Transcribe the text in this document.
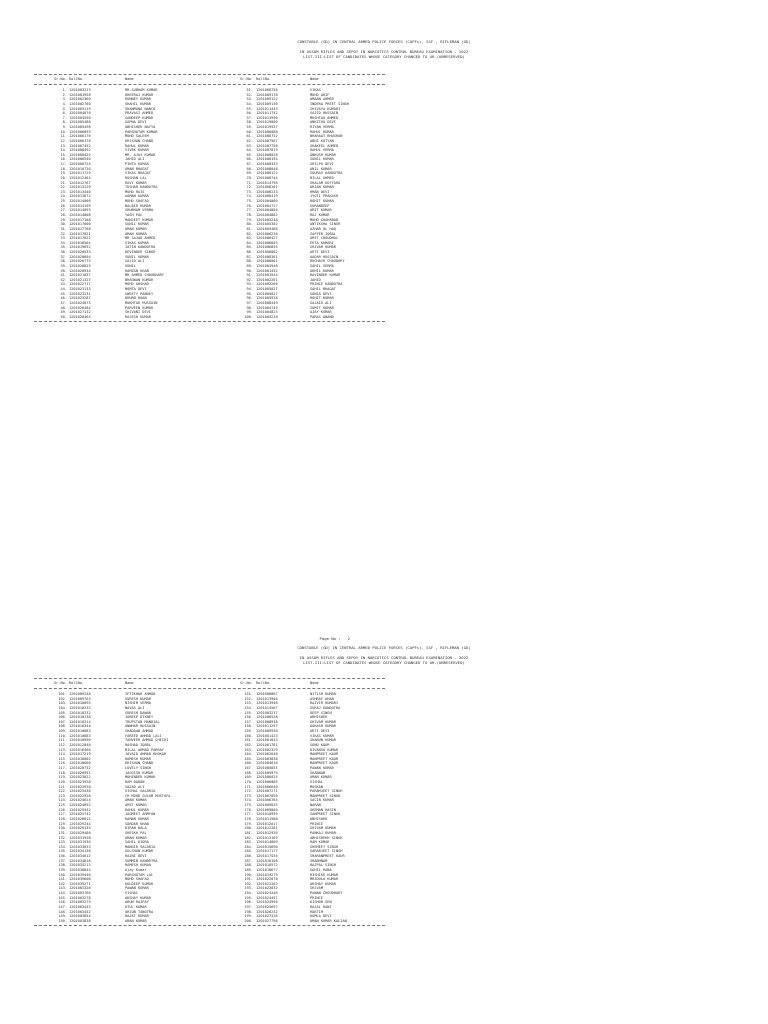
CONSTABLE (GD) IN CENTRAL ARMED POLICE FORCES (CAPFs), SSF , RIFLEMAN (GD)
IN ASSAM RIFLES AND SEPOY IN NARCOTICS CONTROL BUREAU EXAMINATION - 2022
LIST-III:LIST OF CANDIDATES WHOSE CATEGORY CHANGED TO UR-(UNRESERVED)
Sr.No. RollNo.	Name	Sr.No. RollNo.	Name
1. 1201003213	MR.SUBHAM KUMAR	51. 1201006756	VIKAS
2. 1201001958	DHEERAJ KUMAR	52. 1201009178	MOHD ARIF
3. 1201002360	RONNEY KUMAR	53. 1201009122	AMAAN AHMED
4. 1201002760	SHAHIL KUMAR	54. 1201009130	INDERA PREET SINGH
5. 1201003119	SHANMANA NANCO	55. 1201011443	SHIVAYA KUMARI
6. 1201004070	PRAVASI AHMED	56. 1201011752	SAJID HUSSAIN
7. 1201004550	SANDEEP KUMAR	57. 1201013990	MUSHTAQ AHMED
8. 1201005488	SAPNA DEVI	58. 1201019000	ANKITHA DEVI
9. 1201005498	ABHISHEK NAYYA	59. 1201019537	RIYAN VERMA
10. 1201006093	PARSHOTAM KUMAR	60. 1201006088	RAHUL KUMAR
11. 1201006176	MOHD SALEEM	61. 1201006752	BHARAAT BHUSHAN
12. 1201006178	KRISHAN CHAND	62. 1201007567	ABHI KOTYAN
13. 1201007452	RAHUL KUMAR	63. 1201007798	SHAKEEL AHMED
14. 1201008492	VIVEK KUMAR	64. 1201007819	RAHUL VERMA
15. 1201008425	MR. AJAY KUMAR	65. 1201008028	ANKUSH KUMAR
16. 1201008540	JAHID ALI	66. 1201008194	SUNIL KUMAR
17. 1201008724	PINTU KUMAR	67. 1201008333	SHILPA DEVI
18. 1201010730	AMAN BHAGAT	68. 1201008048	ANIL KUMAR
19. 1201011729	VIKAS BHAGAT	69. 1201008122	SOURAV KANDOTRA
20. 1201012464	ROSHAN LAL	70. 1201008744	BILAL AHMED
21. 1201012767	RAVI KUMAR	71. 1201014798	SHALAM KOTYARA
22. 1201013129	TUSHAR KANDOTRA	72. 1201008161	ARJAN KUMAR
23. 1201013440	MOHD RAIS	73. 1201006233	HMAN DEVI
24. 1201013872	AAMAN KUMAR	74. 1201008419	JYOTI PRAKASH
25. 1201014066	MOHD SHAFAQ	75. 1201004060	ROHIT KUMAR
26. 1201014199	BALBIR KUMAR	76. 1201004727	SURANDEEP
27. 1201014093	SHUBHAM VERMA	77. 1201004804	AMIT KUMAR
28. 1201014808	YASH PAL	78. 1201004882	RAJ KUMAR
29. 1201017188	MANJEET KUMAR	79. 1201005248	MOHD SHAHABAB
30. 1201017600	SUNIL KUMAR	80. 1201005302	ANTIKSHA SINGH
31. 1201017768	AMAN KUMAR	81. 1201005486	AZHAR UL HAQ
32. 1201017821	AMAN KUMAR	82. 1201006236	ZAFFER IQBAL
33. 1201017822	MR SAJAD AHMED	83. 1201006427	AMIT CHOUDHAL
34. 1201018564	VIKAS KUMAR	84. 1201006603	EKTA KUMARI
35. 1201019652	JATIN KANDOTRA	85. 1201006855	SHIVAM KUMAR
36. 1201020533	DEVINDER SINGH	86. 1201006882	ARTI DEVI
37. 1201020604	SUNIL KUMAR	87. 1201008381	AADAR HUSSAIN
38. 1201020775	SAJID ALI	88. 1201008001	RUCHAIR CHAUDHRY
39. 1201020825	SUNIL	89. 1201004948	SAHIL VERMA
40. 1201020934	RAMZAN KHAN	90. 1201001452	AKHIL KUMAR
41. 1201021037	MR AHMED CHOUDHARY	91. 1201001944	RAVINDER KUMAR
42. 1201021323	BHAGWAN KUMAR	92. 1201002261	JAHID
43. 1201022717	MOHD ARSHAD	93. 1201002266	PRINCE KANDOTRA
44. 1201023133	MAMTA DEVI	94. 1201005027	SAHIL BHAGAT
45. 1201023231	SWEETY PANDEY	95. 1201005827	SONIA DEVI
46. 1201023287	KHURB KHAN	96. 1201005928	ROHIT KUMAR
47. 1201024073	MUKHTAR HUSSAIN	97. 1201008449	SAJAID ALI
48. 1201026484	PARVEEN KUMAR	98. 1201004745	SUMIT KUMAR
49. 1201027132	SHIVANI DEVI	99. 1201004823	AJAY KUMAR
50. 1201028464	RAJESH KUMAR	100. 1201005228	PARAS ANAND
Page No :   2
CONSTABLE (GD) IN CENTRAL ARMED POLICE FORCES (CAPFs), SSF , RIFLEMAN (GD)
IN ASSAM RIFLES AND SEPOY IN NARCOTICS CONTROL BUREAU EXAMINATION - 2022
LIST-III:LIST OF CANDIDATES WHOSE CATEGORY CHANGED TO UR-(UNRESERVED)
Sr.No. RollNo.	Name	Sr.No. RollNo.	Name
101. 1201009248	IFTIKHAR AHMAD	151. 1201008887	NITISH KUMAR
102. 1201009763	SURESH KUMAR	152. 1201013904	ASHRAF KHAN
103. 1201010095	NISHIM VERMA	153. 1201013948	RAJVIR KUMARI
104. 1201010233	NAVAS ALI	154. 1201014567	SURAJ KANDOTRA
105. 1201010232	SURESH DAWAR	155. 1201003237	DEEP SINGH
106. 1201010138	JOBEEP DIXNEY	156. 1201008528	ABHISHEK
107. 1201010314	TRUPSTAN MANDIAL	157. 1201008938	SHIVAM KUMAR
108. 1201010344	ANWHAR HUSSAIN	158. 1201011297	AAKASH KUMAR
109. 1201010883	SHADAAB AHMAD	159. 1201009938	ARTI DEVI
110. 1201010883	FAREED AHMAD LALI	160. 1201001423	VIKAS KUMAR
111. 1201010990	TANVEER AHMAD CHECHI	161. 1201001843	SHARUN KUMAR
112. 1201012840	RASHAD IQBAL	162. 1201001781	SONU KAUR
113. 1201016466	BILAL AHMAD PARRAY	163. 1201002329	DIVANSH KUMAR
114. 1201017219	JAVAID AHMAD KHOKAR	164. 1201002648	MANPREET KAUR
115. 1201018002	RAMESH KUMAR	165. 1201003838	MANPREET KAUR
116. 1201018660	KRISHAN CHAND	166. 1201004016	MANPREET KAUR
117. 1201020732	LOVELY SINGH	167. 1201005851	PAWAN KUMAR
118. 1201020951	JAGGISH KUMAR	168. 1201005975	SHABNAM
119. 1201023022	MOHINDER KUMAR	169. 1201006025	AMAN KUMAR
120. 1201023928	RAM DARAN	170. 1201006085	VISHAL
121. 1201023920	SAJAD ALI	171. 1201006640	MUSKAN
122. 1201023438	VISHAL SALARIA	172. 1201007271	PARAMJEET SINGH
123. 1201022928	CH MOHD GULAM MUSTAFA	173. 1201007850	MANPREET SINGH
124. 1201024624	AMAN KUMAR	174. 1201008764	SACIN KUMAR
125. 1201024692	AMIT KUMAR	175. 1201009035	NARAN
126. 1201025542	RAHUL KUMAR	176. 1201009860	SHEMAN HASIN
127. 1201025742	JAGMEET ARMYAN	177. 1201010995	SANPREET SINGH
128. 1201028012	RAMAN KUMAR	178. 1201011588	ABHISHEK
129. 1201029244	SARDAR KHAN	179. 1201012017	PRINCE
130. 1201029135	KIRAN BALA	180. 1201012281	SHIVAM KUMAR
131. 1201029480	SHEIKH PAL	181. 1201012926	PANKAJ KUMAR
132. 1201031928	AMAN KUMAR	182. 1201013189	ABHISHEKH SINGH
133. 1201031936	SAHIL DIORA	183. 1201014809	RAM KUMAR
134. 1201033033	MANGIR SALARIA	184. 1201015890	SHEMEET SINGH
135. 1201034138	GULSHAN KUMAR	185. 1201017177	SARABJEET SINGH
136. 1201034612	RAJNI DEVI	186. 1201017535	SHARANPREET KAUR
137. 1201034818	SUMMIN KANDOTRA	187. 1201018108	SHABHNAM
138. 1201035213	RAMESH KUMAR	188. 1201018572	RAJPAL SINGH
139. 1201038844	Ajay Kumar	189. 1201018677	SAHIL RANA
140. 1201039446	PARSHOTAM LAL	190. 1201019279	RISHIKE KUMAR
141. 1201039606	MOHD SHAFAQ	191. 1201022078	MRIDULA KUMAR
142. 1201039271	KULDEEP KUMAR	192. 1201022262	AKSHAY KUMAR
143. 1201003328	PAWAN KUMAR	193. 1201022832	SHIVAM
144. 1201003766	VISHAL	194. 1201024446	PAWAN CHOUDHARY
145. 1201003278	AKSHAY KUMAR	195. 1201024497	PRINCE
146. 1201003279	ARUN RAJPAY	196. 1201024996	KISHOR.SEN
147. 1201003443	ATUL KUMAR	197. 1201025697	RAJAL RANI
148. 1201003452	ARJUN TANOTRA	198. 1201026232	RAKTIM
149. 1201003854	RAJAT KUMAR	199. 1201027418	KOMLA DEVI
150. 1201003838	AMAN KUMAR	200. 1201027796	AMAN KUMAR KALIAN
